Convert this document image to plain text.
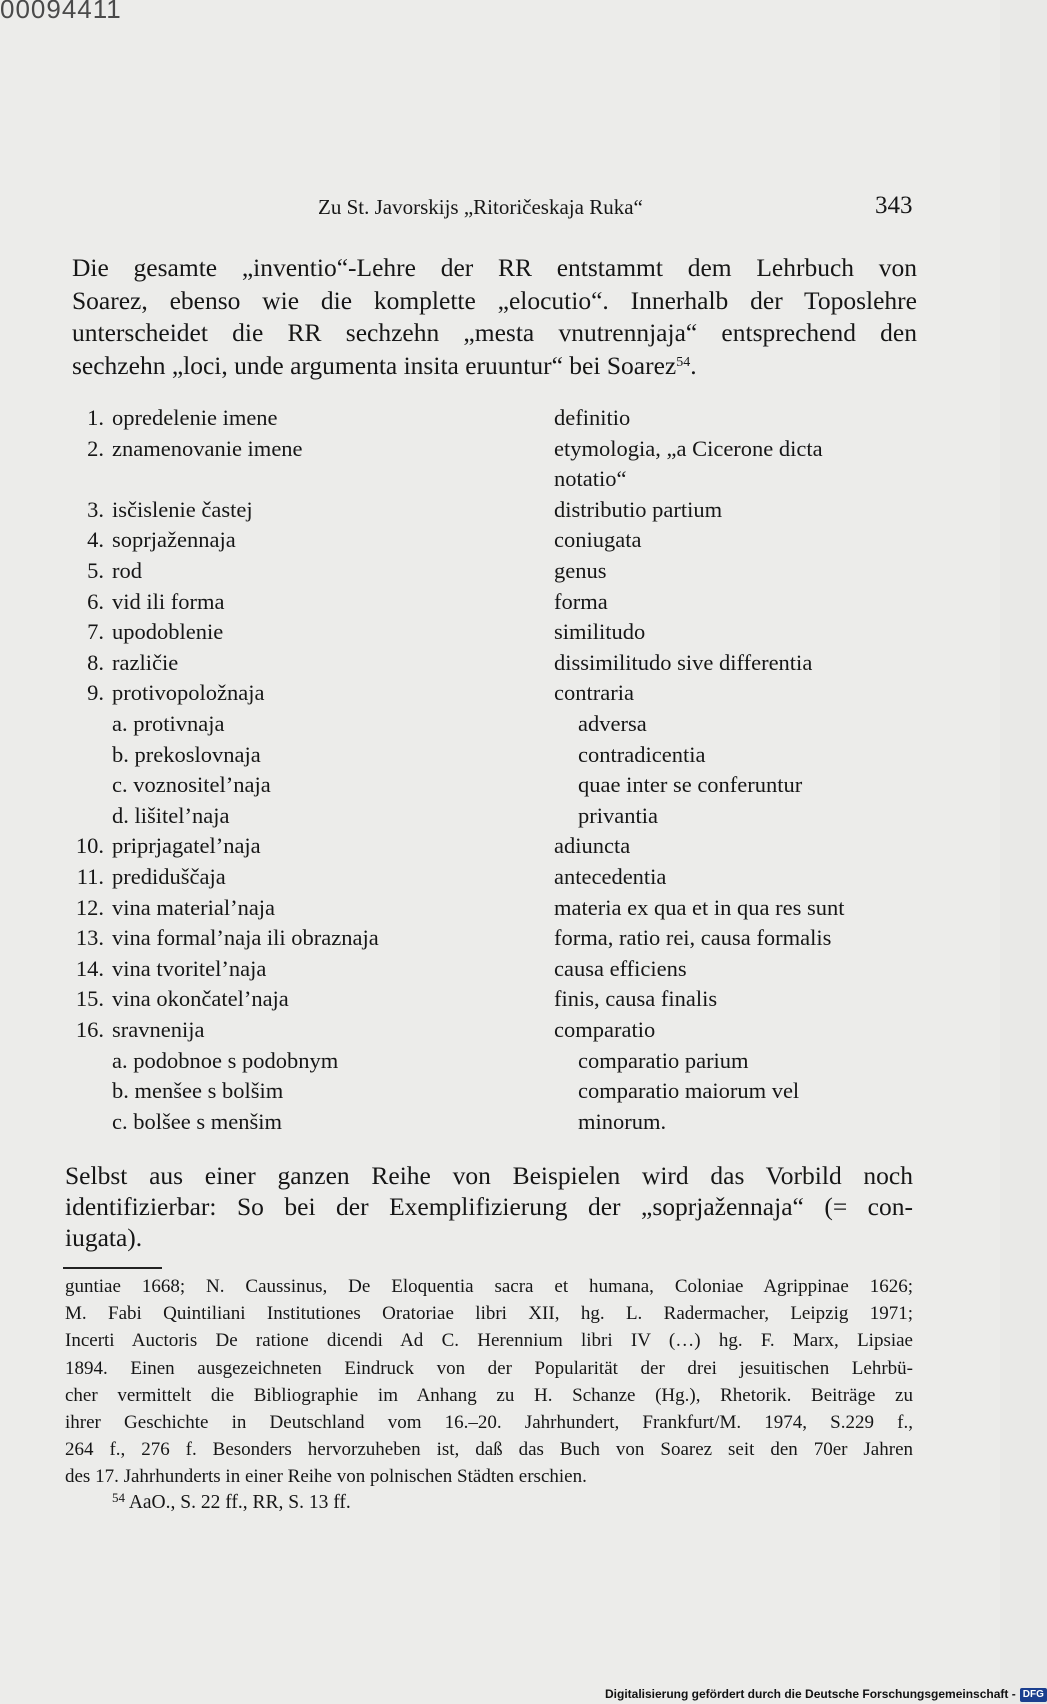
00094411
Zu St. Javorskijs „Ritoričeskaja Ruka“	343
Die gesamte „inventio“-Lehre der RR entstammt dem Lehrbuch von
Soarez, ebenso wie die komplette „elocutio“. Innerhalb der Toposlehre
unterscheidet die RR sechzehn „mesta vnutrennjaja“ entsprechend den
sechzehn „loci, unde argumenta insita eruuntur“ bei Soarez$^{54}$.
1. opredelenie imene	definitio
2. znamenovanie imene	etymologia, „a Cicerone dicta
notatio“
3. isčislenie častej	distributio partium
4. soprjažennaja	coniugata
5. rod	genus
6. vid ili forma	forma
7. upodoblenie	similitudo
8. različie	dissimilitudo sive differentia
9. protivopoložnaja	contraria
a. protivnaja	adversa
b. prekoslovnaja	contradicentia
c. voznositel’naja	quae inter se conferuntur
d. lišitel’naja	privantia
10. priprjagatel’naja	adiuncta
11. prediduščaja	antecedentia
12. vina material’naja	materia ex qua et in qua res sunt
13. vina formal’naja ili obraznaja	forma, ratio rei, causa formalis
14. vina tvoritel’naja	causa efficiens
15. vina okončatel’naja	finis, causa finalis
16. sravnenija	comparatio
a. podobnoe s podobnym	comparatio parium
b. menšee s bolšim	comparatio maiorum vel
c. bolšee s menšim	minorum.
Selbst aus einer ganzen Reihe von Beispielen wird das Vorbild noch
identifizierbar: So bei der Exemplifizierung der „soprjažennaja“ (= con-
iugata).
guntiae 1668; N. Caussinus, De Eloquentia sacra et humana, Coloniae Agrippinae 1626;
M. Fabi Quintiliani Institutiones Oratoriae libri XII, hg. L. Radermacher, Leipzig 1971;
Incerti Auctoris De ratione dicendi Ad C. Herennium libri IV (…) hg. F. Marx, Lipsiae
1894. Einen ausgezeichneten Eindruck von der Popularität der drei jesuitischen Lehrbü-
cher vermittelt die Bibliographie im Anhang zu H. Schanze (Hg.), Rhetorik. Beiträge zu
ihrer Geschichte in Deutschland vom 16.–20. Jahrhundert, Frankfurt/M. 1974, S.229 f.,
264 f., 276 f. Besonders hervorzuheben ist, daß das Buch von Soarez seit den 70er Jahren
des 17. Jahrhunderts in einer Reihe von polnischen Städten erschien.
$^{54}$ AaO., S. 22 ff., RR, S. 13 ff.
Digitalisierung gefördert durch die Deutsche Forschungsgemeinschaft - DFG
